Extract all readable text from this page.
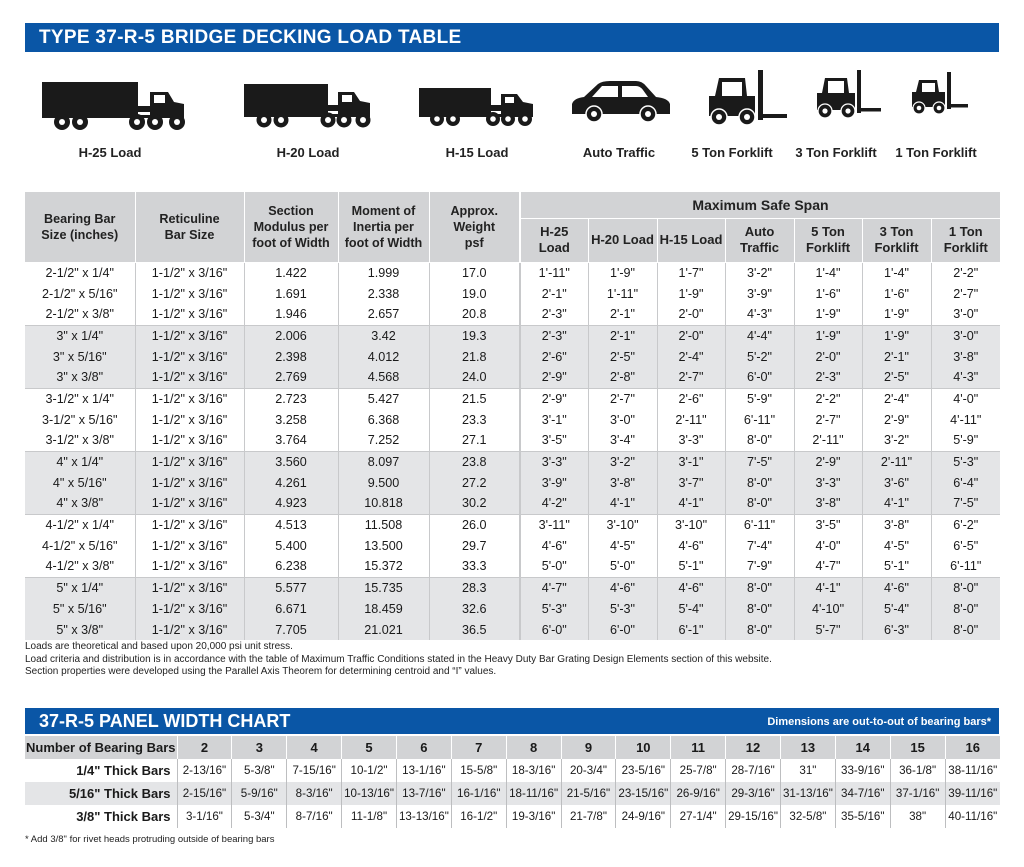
TYPE 37-R-5 BRIDGE DECKING LOAD TABLE
H-25 Load	H-20 Load	H-15 Load	Auto Traffic	5 Ton Forklift 3 Ton Forklift 1 Ton Forklift
Bearing Bar Size (inches)	Reticuline Bar Size	Section Modulus per foot of Width	Moment of Inertia per foot of Width	Approx. Weight psf	Maximum Safe Span						
					H-25 Load	H-20 Load	H-15 Load	Auto Traffic	5 Ton Forklift	3 Ton Forklift	1 Ton Forklift
2-1/2" x 1/4"	1-1/2" x 3/16"	1.422	1.999	17.0	1'-11"	1'-9"	1'-7"	3'-2"	1'-4"	1'-4"	2'-2"
2-1/2" x 5/16"	1-1/2" x 3/16"	1.691	2.338	19.0	2'-1"	1'-11"	1'-9"	3'-9"	1'-6"	1'-6"	2'-7"
2-1/2" x 3/8"	1-1/2" x 3/16"	1.946	2.657	20.8	2'-3"	2'-1"	2'-0"	4'-3"	1'-9"	1'-9"	3'-0"
3" x 1/4"	1-1/2" x 3/16"	2.006	3.42	19.3	2'-3"	2'-1"	2'-0"	4'-4"	1'-9"	1'-9"	3'-0"
3" x 5/16"	1-1/2" x 3/16"	2.398	4.012	21.8	2'-6"	2'-5"	2'-4"	5'-2"	2'-0"	2'-1"	3'-8"
3" x 3/8"	1-1/2" x 3/16"	2.769	4.568	24.0	2'-9"	2'-8"	2'-7"	6'-0"	2'-3"	2'-5"	4'-3"
3-1/2" x 1/4"	1-1/2" x 3/16"	2.723	5.427	21.5	2'-9"	2'-7"	2'-6"	5'-9"	2'-2"	2'-4"	4'-0"
3-1/2" x 5/16"	1-1/2" x 3/16"	3.258	6.368	23.3	3'-1"	3'-0"	2'-11"	6'-11"	2'-7"	2'-9"	4'-11"
3-1/2" x 3/8"	1-1/2" x 3/16"	3.764	7.252	27.1	3'-5"	3'-4"	3'-3"	8'-0"	2'-11"	3'-2"	5'-9"
4" x 1/4"	1-1/2" x 3/16"	3.560	8.097	23.8	3'-3"	3'-2"	3'-1"	7'-5"	2'-9"	2'-11"	5'-3"
4" x 5/16"	1-1/2" x 3/16"	4.261	9.500	27.2	3'-9"	3'-8"	3'-7"	8'-0"	3'-3"	3'-6"	6'-4"
4" x 3/8"	1-1/2" x 3/16"	4.923	10.818	30.2	4'-2"	4'-1"	4'-1"	8'-0"	3'-8"	4'-1"	7'-5"
4-1/2" x 1/4"	1-1/2" x 3/16"	4.513	11.508	26.0	3'-11"	3'-10"	3'-10"	6'-11"	3'-5"	3'-8"	6'-2"
4-1/2" x 5/16"	1-1/2" x 3/16"	5.400	13.500	29.7	4'-6"	4'-5"	4'-6"	7'-4"	4'-0"	4'-5"	6'-5"
4-1/2" x 3/8"	1-1/2" x 3/16"	6.238	15.372	33.3	5'-0"	5'-0"	5'-1"	7'-9"	4'-7"	5'-1"	6'-11"
5" x 1/4"	1-1/2" x 3/16"	5.577	15.735	28.3	4'-7"	4'-6"	4'-6"	8'-0"	4'-1"	4'-6"	8'-0"
5" x 5/16"	1-1/2" x 3/16"	6.671	18.459	32.6	5'-3"	5'-3"	5'-4"	8'-0"	4'-10"	5'-4"	8'-0"
5" x 3/8"	1-1/2" x 3/16"	7.705	21.021	36.5	6'-0"	6'-0"	6'-1"	8'-0"	5'-7"	6'-3"	8'-0"
Loads are theoretical and based upon 20,000 psi unit stress.
Load criteria and distribution is in accordance with the table of Maximum Traffic Conditions stated in the Heavy Duty Bar Grating Design Elements section of this website.
Section properties were developed using the Parallel Axis Theorem for determining centroid and “I” values.
37-R-5 PANEL WIDTH CHART	Dimensions are out-to-out of bearing bars*
Number of Bearing Bars	2	3	4	5	6	7	8	9	10	11	12	13	14	15	16
1/4" Thick Bars	2-13/16"	5-3/8"	7-15/16"	10-1/2"	13-1/16"	15-5/8"	18-3/16"	20-3/4"	23-5/16"	25-7/8"	28-7/16"	31"	33-9/16"	36-1/8"	38-11/16"
5/16" Thick Bars	2-15/16"	5-9/16"	8-3/16"	10-13/16"	13-7/16"	16-1/16"	18-11/16"	21-5/16"	23-15/16"	26-9/16"	29-3/16"	31-13/16"	34-7/16"	37-1/16"	39-11/16"
3/8" Thick Bars	3-1/16"	5-3/4"	8-7/16"	11-1/8"	13-13/16"	16-1/2"	19-3/16"	21-7/8"	24-9/16"	27-1/4"	29-15/16"	32-5/8"	35-5/16"	38"	40-11/16"
* Add 3/8" for rivet heads protruding outside of bearing bars
